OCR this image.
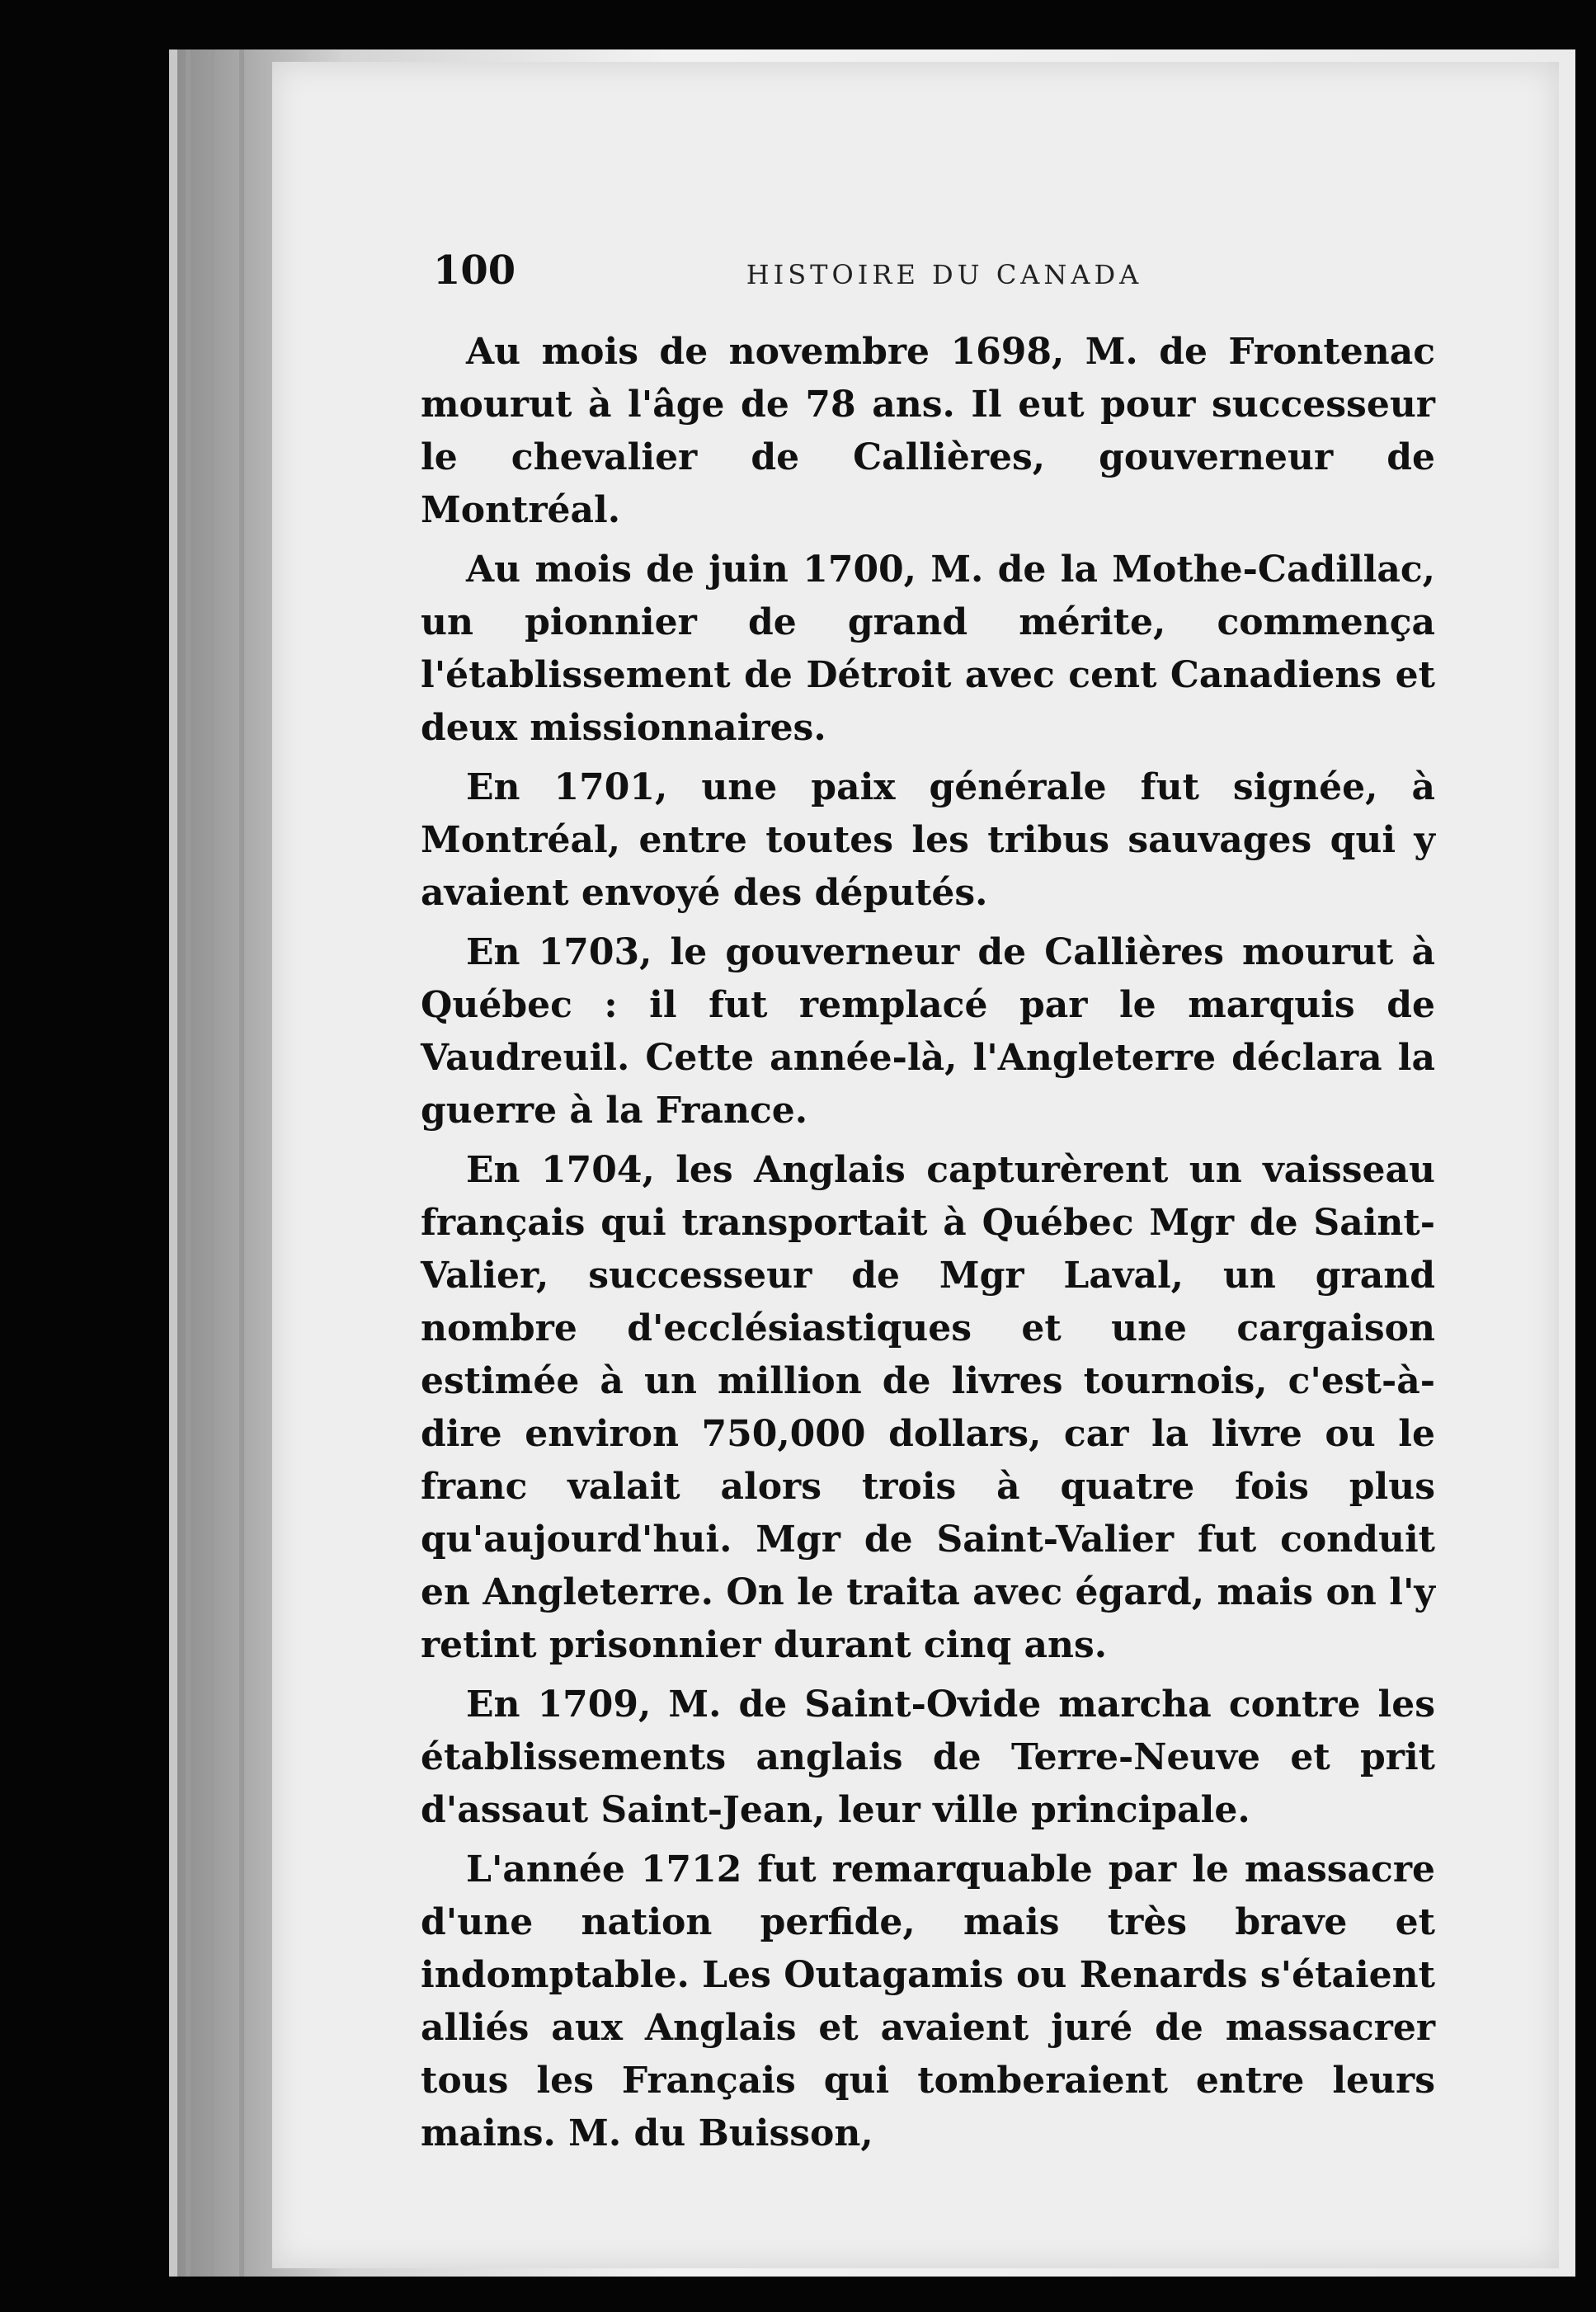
100	HISTOIRE DU CANADA

Au mois de novembre 1698, M. de Frontenac mourut à l'âge de 78 ans. Il eut pour successeur le chevalier de Callières, gouverneur de Montréal.

Au mois de juin 1700, M. de la Mothe-Cadillac, un pionnier de grand mérite, commença l'établissement de Détroit avec cent Canadiens et deux missionnaires.

En 1701, une paix générale fut signée, à Montréal, entre toutes les tribus sauvages qui y avaient envoyé des députés.

En 1703, le gouverneur de Callières mourut à Québec : il fut remplacé par le marquis de Vaudreuil. Cette année-là, l'Angleterre déclara la guerre à la France.

En 1704, les Anglais capturèrent un vaisseau français qui transportait à Québec Mgr de Saint-Valier, successeur de Mgr Laval, un grand nombre d'ecclésiastiques et une cargaison estimée à un million de livres tournois, c'est-à-dire environ 750,000 dollars, car la livre ou le franc valait alors trois à quatre fois plus qu'aujourd'hui. Mgr de Saint-Valier fut conduit en Angleterre. On le traita avec égard, mais on l'y retint prisonnier durant cinq ans.

En 1709, M. de Saint-Ovide marcha contre les établissements anglais de Terre-Neuve et prit d'assaut Saint-Jean, leur ville principale.

L'année 1712 fut remarquable par le massacre d'une nation perfide, mais très brave et indomptable. Les Outagamis ou Renards s'étaient alliés aux Anglais et avaient juré de massacrer tous les Français qui tomberaient entre leurs mains. M. du Buisson,
